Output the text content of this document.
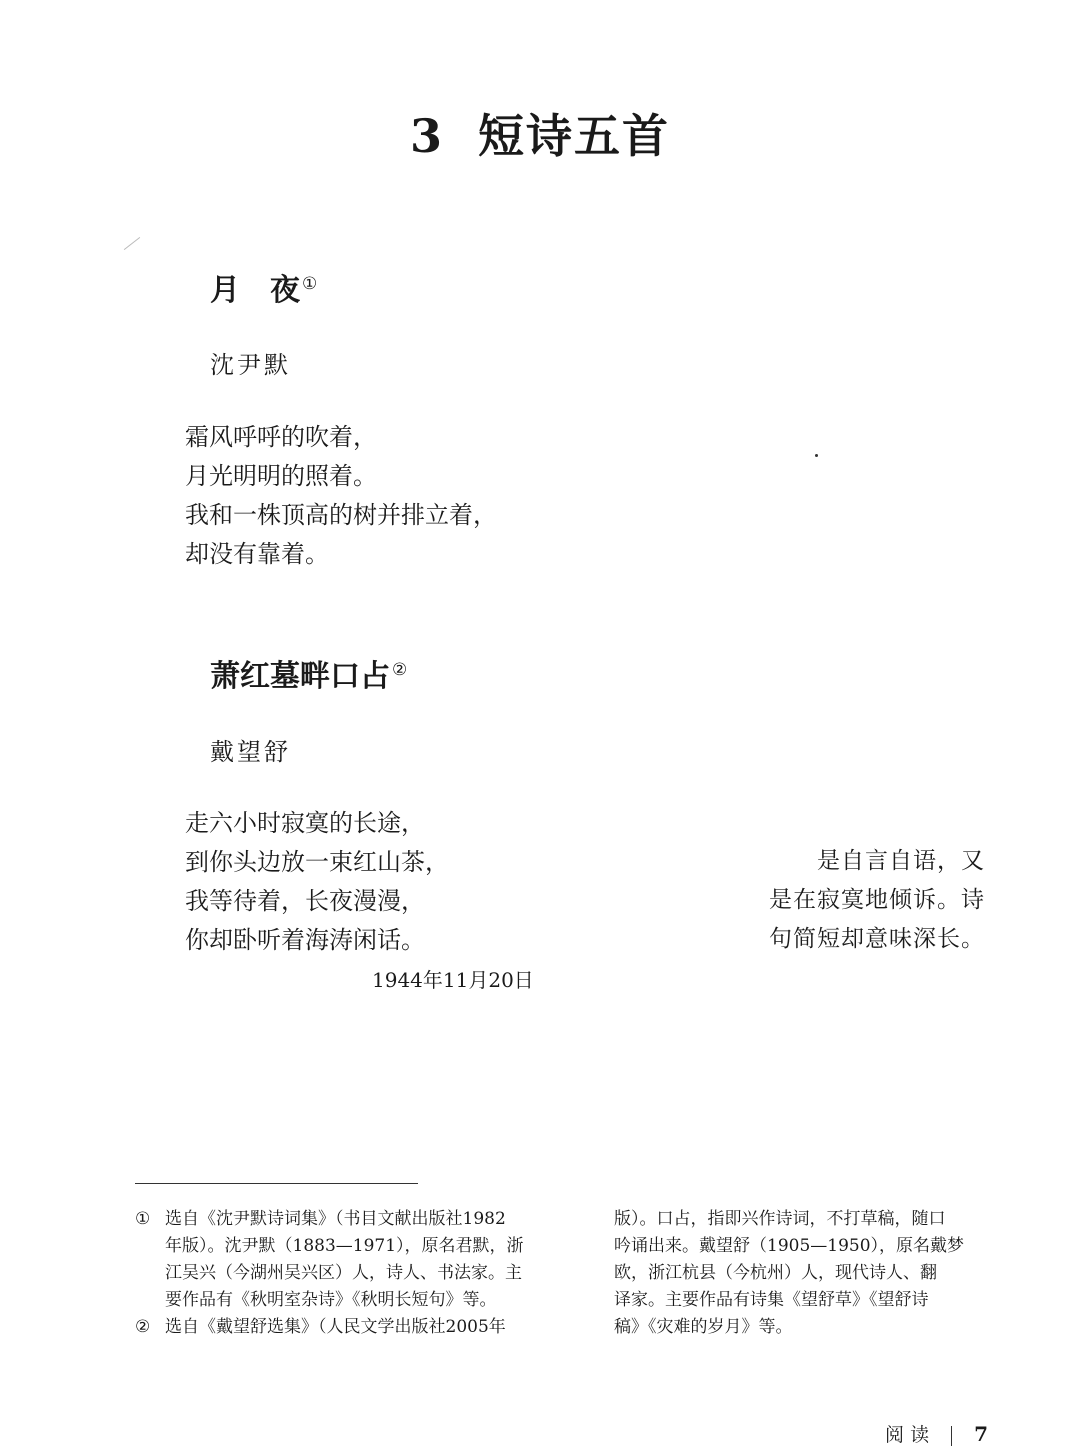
3 短诗五首
月　夜 ①
沈尹默
霜风呼呼的吹着，
月光明明的照着。
我和一株顶高的树并排立着，
却没有靠着。
萧红墓畔口占 ②
戴望舒
走六小时寂寞的长途，
到你头边放一束红山茶，
我等待着，长夜漫漫，
你却卧听着海涛闲话。
1944年11月20日
是自言自语，又
是在寂寞地倾诉。诗
句简短却意味深长。
① 选自《沈尹默诗词集》（书目文献出版社1982
年版）。沈尹默（1883—1971），原名君默，浙
江吴兴（今湖州吴兴区）人，诗人、书法家。主
要作品有《秋明室杂诗》《秋明长短句》等。
② 选自《戴望舒选集》（人民文学出版社2005年
版）。口占，指即兴作诗词，不打草稿，随口
吟诵出来。戴望舒（1905—1950），原名戴梦
欧，浙江杭县（今杭州）人，现代诗人、翻
译家。主要作品有诗集《望舒草》《望舒诗
稿》《灾难的岁月》等。
阅 读 7
